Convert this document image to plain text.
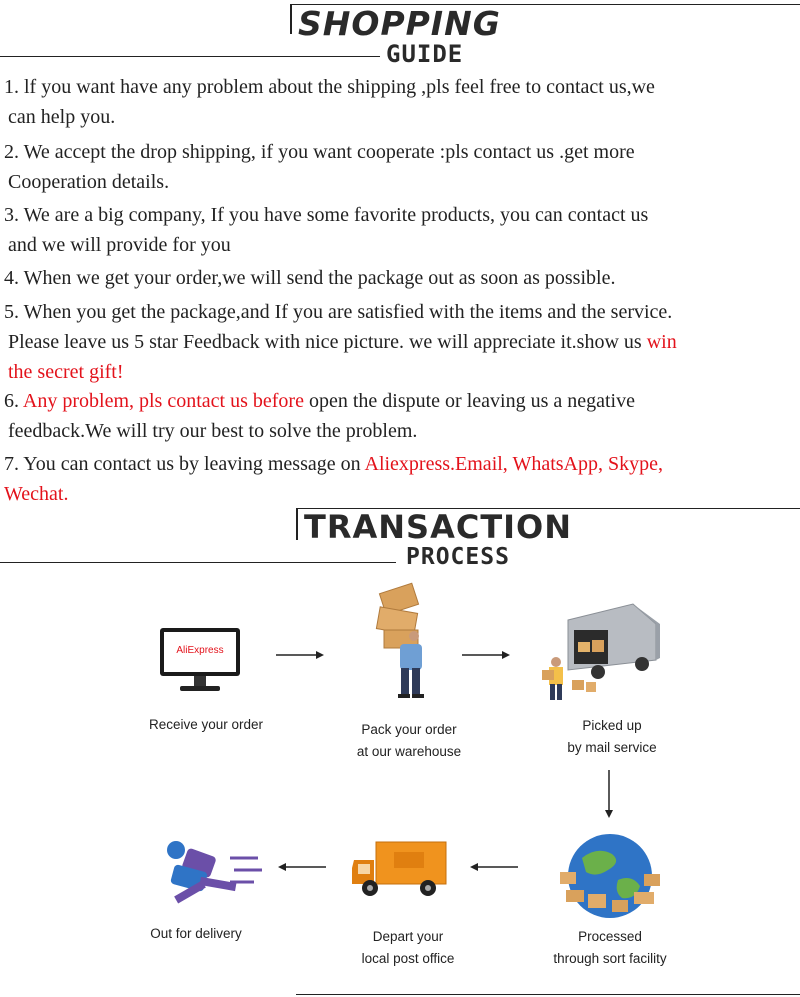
SHOPPING
GUIDE
1. lf you want have any problem about the shipping ,pls feel free to contact us,we
can help you.
2. We accept the drop shipping, if you want cooperate :pls contact us .get more
Cooperation details.
3. We are a big company, If you have some favorite products, you can contact us
and we will provide for you
4. When we get your order,we will send the package out as soon as possible.
5. When you get the package,and If you are satisfied with the items and the service.
Please leave us 5 star Feedback with nice picture. we will appreciate it.show us win
the secret gift!
6. Any problem, pls contact us before open the dispute or leaving us a negative
feedback.We will try our best to solve the problem.
7. You can contact us by leaving message on Aliexpress.Email, WhatsApp, Skype,
Wechat.
TRANSACTION
PROCESS
AliExpress
Receive your order	Pack your order
at our warehouse
Picked up
by mail service
Processed
through sort facility
Depart your
local post office
Out for delivery
